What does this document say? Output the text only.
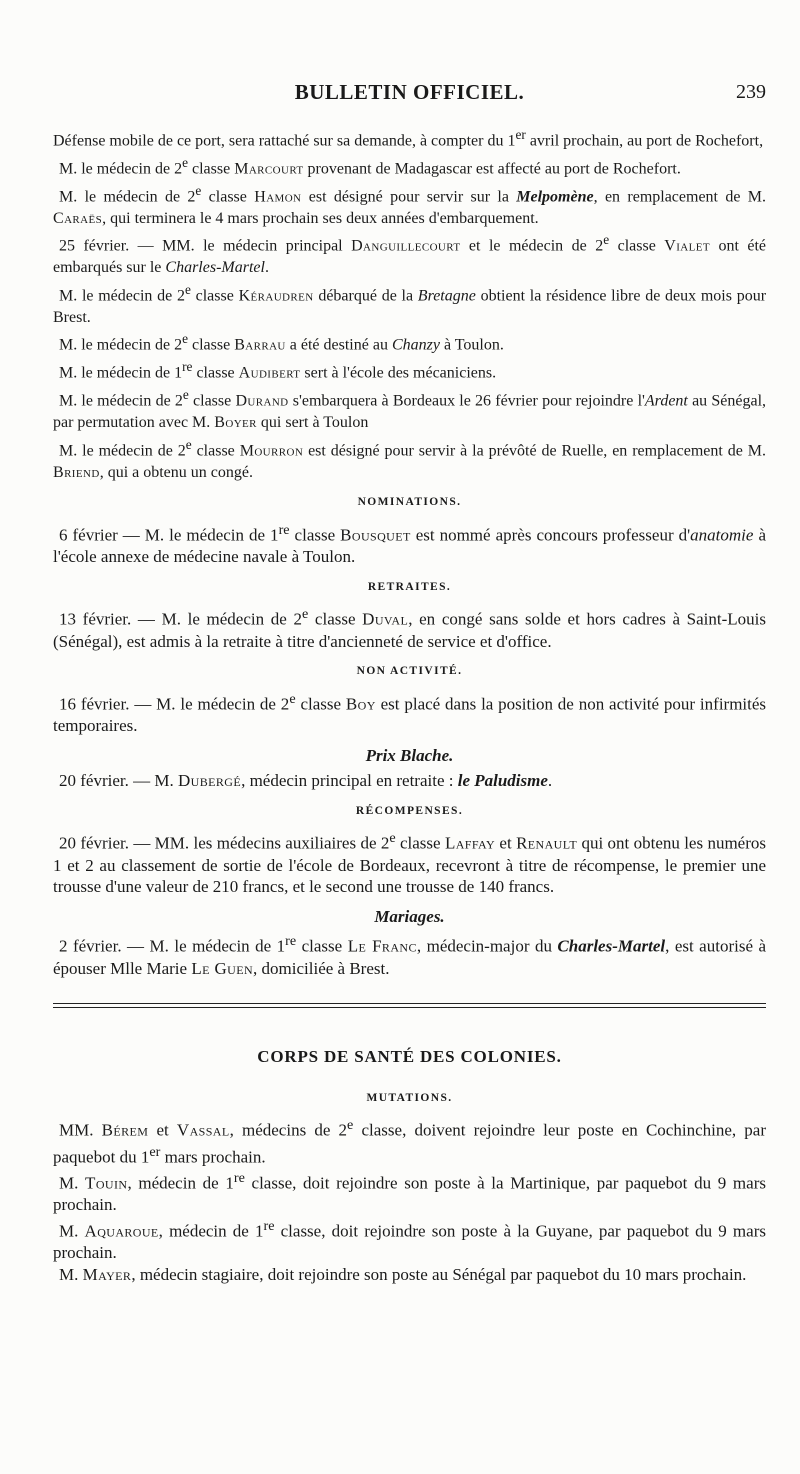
BULLETIN OFFICIEL.	239

Défense mobile de ce port, sera rattaché sur sa demande, à compter du 1er avril prochain, au port de Rochefort,

M. le médecin de 2e classe Marcourt provenant de Madagascar est affecté au port de Rochefort.

M. le médecin de 2e classe Hamon est désigné pour servir sur la Melpomène, en remplacement de M. Caraës, qui terminera le 4 mars prochain ses deux années d'embarquement.

25 février. — MM. le médecin principal Danguillecourt et le médecin de 2e classe Vialet ont été embarqués sur le Charles-Martel.

M. le médecin de 2e classe Kéraudren débarqué de la Bretagne obtient la résidence libre de deux mois pour Brest.

M. le médecin de 2e classe Barrau a été destiné au Chanzy à Toulon.

M. le médecin de 1re classe Audibert sert à l'école des mécaniciens.

M. le médecin de 2e classe Durand s'embarquera à Bordeaux le 26 février pour rejoindre l'Ardent au Sénégal, par permutation avec M. Boyer qui sert à Toulon

M. le médecin de 2e classe Mourron est désigné pour servir à la prévôté de Ruelle, en remplacement de M. Briend, qui a obtenu un congé.

NOMINATIONS.

6 février — M. le médecin de 1re classe Bousquet est nommé après concours professeur d'anatomie à l'école annexe de médecine navale à Toulon.

RETRAITES.

13 février. — M. le médecin de 2e classe Duval, en congé sans solde et hors cadres à Saint-Louis (Sénégal), est admis à la retraite à titre d'ancienneté de service et d'office.

NON ACTIVITÉ.

16 février. — M. le médecin de 2e classe Boy est placé dans la position de non activité pour infirmités temporaires.

Prix Blache.

20 février. — M. Dubergé, médecin principal en retraite : le Paludisme.

RÉCOMPENSES.

20 février. — MM. les médecins auxiliaires de 2e classe Laffay et Renault qui ont obtenu les numéros 1 et 2 au classement de sortie de l'école de Bordeaux, recevront à titre de récompense, le premier une trousse d'une valeur de 210 francs, et le second une trousse de 140 francs.

Mariages.

2 février. — M. le médecin de 1re classe Le Franc, médecin-major du Charles-Martel, est autorisé à épouser Mlle Marie Le Guen, domiciliée à Brest.

CORPS DE SANTÉ DES COLONIES.
MUTATIONS.

MM. Bérem et Vassal, médecins de 2e classe, doivent rejoindre leur poste en Cochinchine, par paquebot du 1er mars prochain.

M. Touin, médecin de 1re classe, doit rejoindre son poste à la Martinique, par paquebot du 9 mars prochain.

M. Aquaroue, médecin de 1re classe, doit rejoindre son poste à la Guyane, par paquebot du 9 mars prochain.

M. Mayer, médecin stagiaire, doit rejoindre son poste au Sénégal par paquebot du 10 mars prochain.
